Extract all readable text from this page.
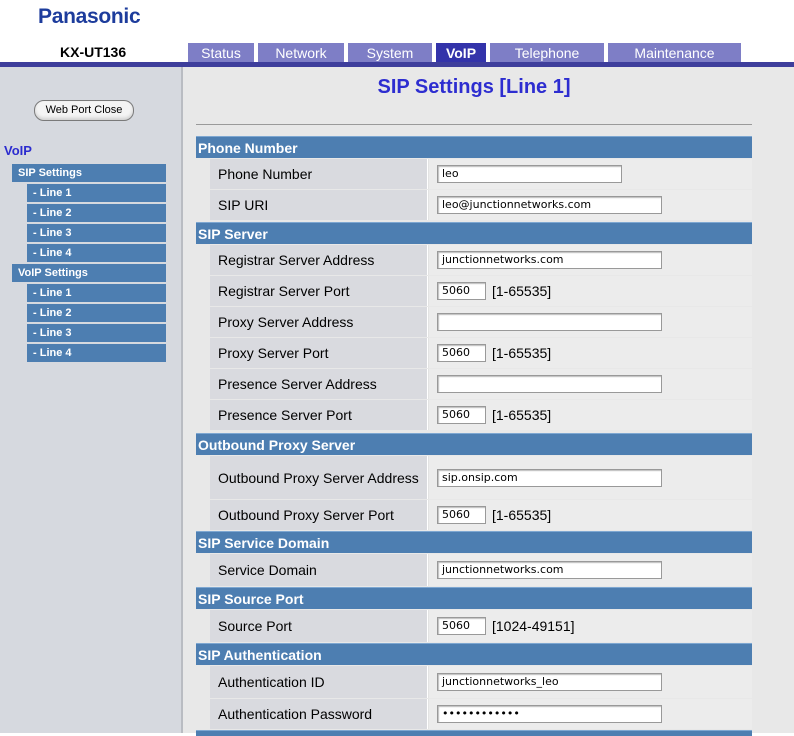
Panasonic
KX-UT136	Status	Network	System	VoIP	Telephone	Maintenance
Web Port Close
VoIP
SIP Settings
- Line 1
- Line 2
- Line 3
- Line 4
VoIP Settings
- Line 1
- Line 2
- Line 3
- Line 4
SIP Settings [Line 1]
Phone Number
Phone Number	leo
SIP URI	leo@junctionnetworks.com
SIP Server
Registrar Server Address	junctionnetworks.com
Registrar Server Port	5060	[1-65535]
Proxy Server Address
Proxy Server Port	5060	[1-65535]
Presence Server Address
Presence Server Port	5060	[1-65535]
Outbound Proxy Server
Outbound Proxy Server Address	sip.onsip.com
Outbound Proxy Server Port	5060	[1-65535]
SIP Service Domain
Service Domain	junctionnetworks.com
SIP Source Port
Source Port	5060	[1024-49151]
SIP Authentication
Authentication ID	junctionnetworks_leo
Authentication Password	••••••••••••
